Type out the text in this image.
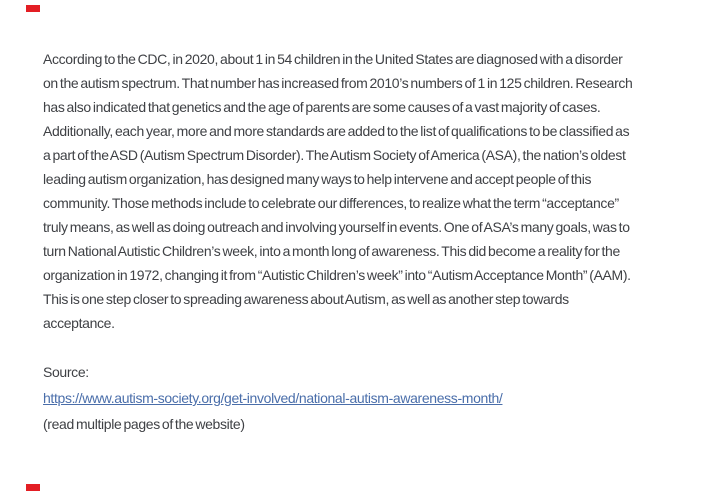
According to the CDC, in 2020, about 1 in 54 children in the United States are diagnosed with a disorder
on the autism spectrum. That number has increased from 2010’s numbers of 1 in 125 children. Research
has also indicated that genetics and the age of parents are some causes of a vast majority of cases.
Additionally, each year, more and more standards are added to the list of qualifications to be classified as
a part of the ASD (Autism Spectrum Disorder). The Autism Society of America (ASA), the nation’s oldest
leading autism organization, has designed many ways to help intervene and accept people of this
community. Those methods include to celebrate our differences, to realize what the term “acceptance”
truly means, as well as doing outreach and involving yourself in events. One of ASA’s many goals, was to
turn National Autistic Children’s week, into a month long of awareness. This did become a reality for the
organization in 1972, changing it from “Autistic Children’s week” into “Autism Acceptance Month” (AAM).
This is one step closer to spreading awareness about Autism, as well as another step towards
acceptance.
Source:
https://www.autism-society.org/get-involved/national-autism-awareness-month/
(read multiple pages of the website)
